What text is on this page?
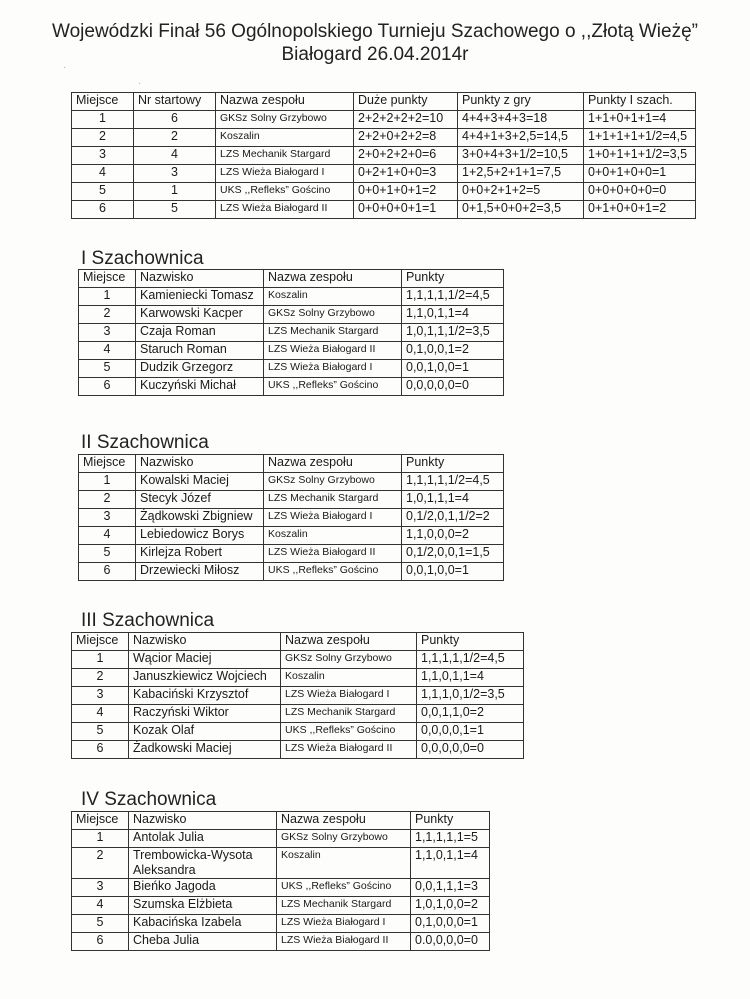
Wojewódzki Finał 56 Ogólnopolskiego Turnieju Szachowego o ,,Złotą Wieżę”
Białogard 26.04.2014r
·
·
Miejsce	Nr startowy	Nazwa zespołu	Duże punkty	Punkty z gry	Punkty I szach.
1	6	GKSz Solny Grzybowo	2+2+2+2+2=10	4+4+3+4+3=18	1+1+0+1+1=4
2	2	Koszalin	2+2+0+2+2=8	4+4+1+3+2,5=14,5	1+1+1+1+1/2=4,5
3	4	LZS Mechanik Stargard	2+0+2+2+0=6	3+0+4+3+1/2=10,5	1+0+1+1+1/2=3,5
4	3	LZS Wieża Białogard I	0+2+1+0+0=3	1+2,5+2+1+1=7,5	0+0+1+0+0=1
5	1	UKS ,,Refleks” Gościno	0+0+1+0+1=2	0+0+2+1+2=5	0+0+0+0+0=0
6	5	LZS Wieża Białogard II	0+0+0+0+1=1	0+1,5+0+0+2=3,5	0+1+0+0+1=2
I Szachownica
Miejsce	Nazwisko	Nazwa zespołu	Punkty
1	Kamieniecki Tomasz	Koszalin	1,1,1,1,1/2=4,5
2	Karwowski Kacper	GKSz Solny Grzybowo	1,1,0,1,1=4
3	Czaja Roman	LZS Mechanik Stargard	1,0,1,1,1/2=3,5
4	Staruch Roman	LZS Wieża Białogard II	0,1,0,0,1=2
5	Dudzik Grzegorz	LZS Wieża Białogard I	0,0,1,0,0=1
6	Kuczyński Michał	UKS ,,Refleks” Gościno	0,0,0,0,0=0
II Szachownica
Miejsce	Nazwisko	Nazwa zespołu	Punkty
1	Kowalski Maciej	GKSz Solny Grzybowo	1,1,1,1,1/2=4,5
2	Stecyk Józef	LZS Mechanik Stargard	1,0,1,1,1=4
3	Żądkowski Zbigniew	LZS Wieża Białogard I	0,1/2,0,1,1/2=2
4	Lebiedowicz Borys	Koszalin	1,1,0,0,0=2
5	Kirlejza Robert	LZS Wieża Białogard II	0,1/2,0,0,1=1,5
6	Drzewiecki Miłosz	UKS ,,Refleks” Gościno	0,0,1,0,0=1
III Szachownica
Miejsce	Nazwisko	Nazwa zespołu	Punkty
1	Wącior Maciej	GKSz Solny Grzybowo	1,1,1,1,1/2=4,5
2	Januszkiewicz Wojciech	Koszalin	1,1,0,1,1=4
3	Kabaciński Krzysztof	LZS Wieża Białogard I	1,1,1,0,1/2=3,5
4	Raczyński Wiktor	LZS Mechanik Stargard	0,0,1,1,0=2
5	Kozak Olaf	UKS ,,Refleks” Gościno	0,0,0,0,1=1
6	Żadkowski Maciej	LZS Wieża Białogard II	0,0,0,0,0=0
IV Szachownica
Miejsce	Nazwisko	Nazwa zespołu	Punkty
1	Antolak Julia	GKSz Solny Grzybowo	1,1,1,1,1=5
2	Trembowicka-Wysota Aleksandra	Koszalin	1,1,0,1,1=4
3	Bieńko Jagoda	UKS ,,Refleks” Gościno	0,0,1,1,1=3
4	Szumska Elżbieta	LZS Mechanik Stargard	1,0,1,0,0=2
5	Kabacińska Izabela	LZS Wieża Białogard I	0,1,0,0,0=1
6	Cheba Julia	LZS Wieża Białogard II	0.0,0,0,0=0
